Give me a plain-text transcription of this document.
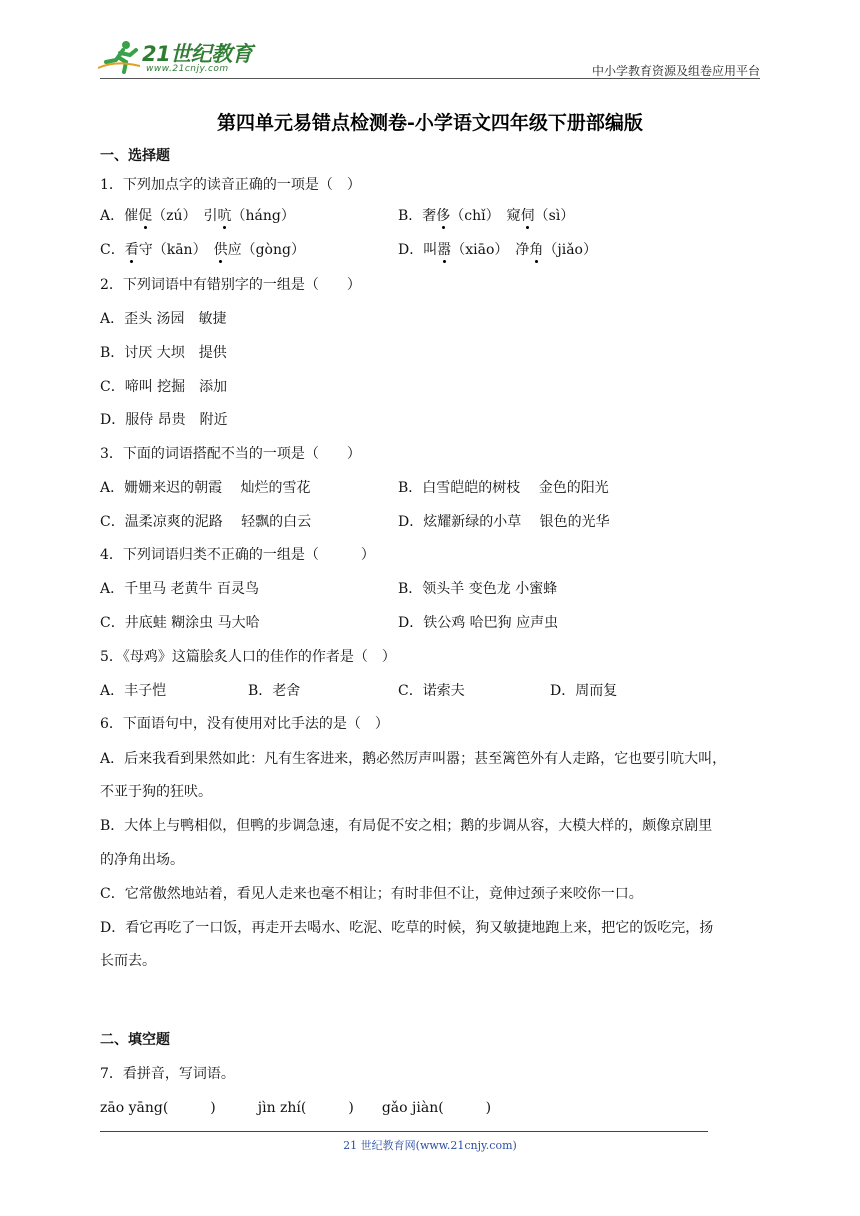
21世纪教育
www.21cnjy.com	中小学教育资源及组卷应用平台
第四单元易错点检测卷-小学语文四年级下册部编版
一、选择题
1．下列加点字的读音正确的一项是（　）
A．催促（zú）　引吭（háng）	B．奢侈（chǐ）　窥伺（sì）
C．看守（kān）　供应（gòng）	D．叫嚣（xiāo）　净角（jiǎo）
2．下列词语中有错别字的一组是（　　）
A．歪头 汤园　敏捷
B．讨厌 大坝　提供
C．啼叫 挖掘　添加
D．服侍 昂贵　附近
3．下面的词语搭配不当的一项是（　　）
A．姗姗来迟的朝霞　 灿烂的雪花	B．白雪皑皑的树枝　 金色的阳光
C．温柔凉爽的泥路　 轻飘的白云	D．炫耀新绿的小草　 银色的光华
4．下列词语归类不正确的一组是（　　　）
A．千里马 老黄牛 百灵鸟	B．领头羊 变色龙 小蜜蜂
C．井底蛙 糊涂虫 马大哈	D．铁公鸡 哈巴狗 应声虫
5．《母鸡》这篇脍炙人口的佳作的作者是（　）
A．丰子恺	B．老舍	C．诺索夫	D．周而复
6．下面语句中，没有使用对比手法的是（　）
A．后来我看到果然如此：凡有生客进来，鹅必然厉声叫嚣；甚至篱笆外有人走路，它也要引吭大叫，
不亚于狗的狂吠。
B．大体上与鸭相似，但鸭的步调急速，有局促不安之相；鹅的步调从容，大模大样的，颇像京剧里
的净角出场。
C．它常傲然地站着，看见人走来也毫不相让；有时非但不让，竟伸过颈子来咬你一口。
D．看它再吃了一口饭，再走开去喝水、吃泥、吃草的时候，狗又敏捷地跑上来，把它的饭吃完，扬
长而去。
二、填空题
7．看拼音，写词语。
zāo yāng(　　　)　　　jìn zhí(　　　)　　gǎo jiàn(　　　)
21 世纪教育网(www.21cnjy.com)
